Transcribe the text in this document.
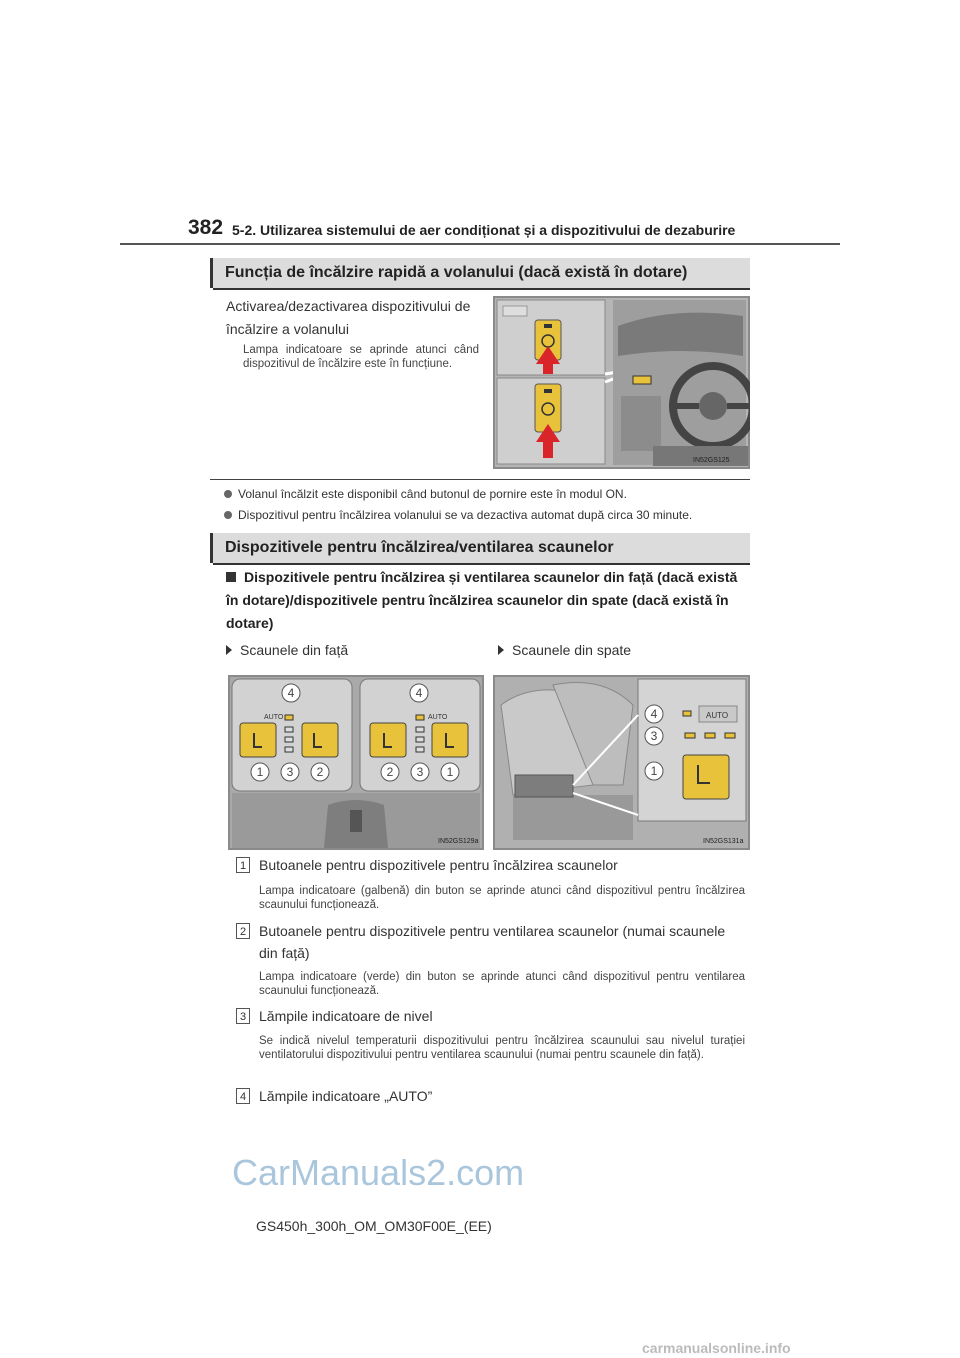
382 5-2. Utilizarea sistemului de aer condiționat și a dispozitivului de dezaburire
Funcția de încălzire rapidă a volanului (dacă există în dotare)
Activarea/dezactivarea dispozitivului de încălzire a volanului
Lampa indicatoare se aprinde atunci când dispozitivul de încălzire este în funcțiune.
IN52GS125
Volanul încălzit este disponibil când butonul de pornire este în modul ON.
Dispozitivul pentru încălzirea volanului se va dezactiva automat după circa 30 minute.
Dispozitivele pentru încălzirea/ventilarea scaunelor
Dispozitivele pentru încălzirea și ventilarea scaunelor din față (dacă există în dotare)/dispozitivele pentru încălzirea scaunelor din spate (dacă există în dotare)
Scaunele din față	Scaunele din spate
AUTO	AUTO
4	4
1 3 2	2 3 1
IN52GS129a
AUTO
4
3
1
IN52GS131a
1 Butoanele pentru dispozitivele pentru încălzirea scaunelor
Lampa indicatoare (galbenă) din buton se aprinde atunci când dispozitivul pentru încălzirea scaunului funcționează.
2 Butoanele pentru dispozitivele pentru ventilarea scaunelor (numai scaunele din față)
Lampa indicatoare (verde) din buton se aprinde atunci când dispozitivul pentru ventilarea scaunului funcționează.
3 Lămpile indicatoare de nivel
Se indică nivelul temperaturii dispozitivului pentru încălzirea scaunului sau nivelul turației ventilatorului dispozitivului pentru ventilarea scaunului (numai pentru scaunele din față).
4 Lămpile indicatoare „AUTO”
CarManuals2.com
GS450h_300h_OM_OM30F00E_(EE)
carmanualsonline.info
